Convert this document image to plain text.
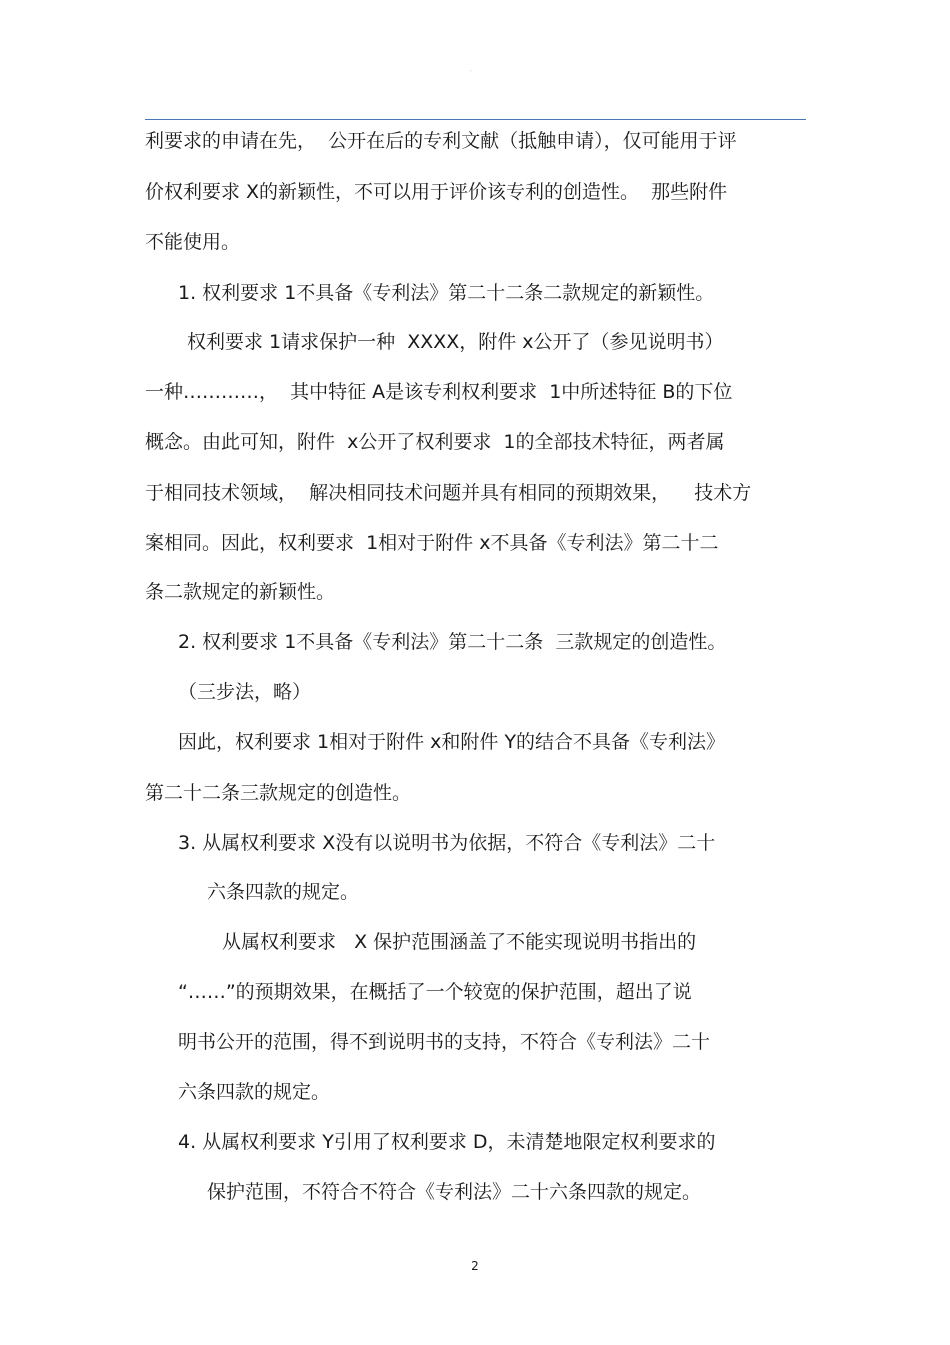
˙
利要求的申请在先，  公开在后的专利文献（抵触申请），仅可能用于评
价权利要求 X的新颖性，不可以用于评价该专利的创造性。  那些附件
不能使用。
1. 权利要求 1不具备《专利法》第二十二条二款规定的新颖性。
权利要求 1请求保护一种  XXXX，附件 x公开了（参见说明书）
一种…………，  其中特征 A是该专利权利要求  1中所述特征 B的下位
概念。由此可知，附件  x公开了权利要求  1的全部技术特征，两者属
于相同技术领域，  解决相同技术问题并具有相同的预期效果，    技术方
案相同。因此，权利要求  1相对于附件 x不具备《专利法》第二十二
条二款规定的新颖性。
2. 权利要求 1不具备《专利法》第二十二条  三款规定的创造性。
（三步法，略）
因此，权利要求 1相对于附件 x和附件 Y的结合不具备《专利法》
第二十二条三款规定的创造性。
3. 从属权利要求 X没有以说明书为依据，不符合《专利法》二十
六条四款的规定。
从属权利要求   X 保护范围涵盖了不能实现说明书指出的
“……”的预期效果，在概括了一个较宽的保护范围，超出了说
明书公开的范围，得不到说明书的支持，不符合《专利法》二十
六条四款的规定。
4. 从属权利要求 Y引用了权利要求 D，未清楚地限定权利要求的
保护范围，不符合不符合《专利法》二十六条四款的规定。
2
